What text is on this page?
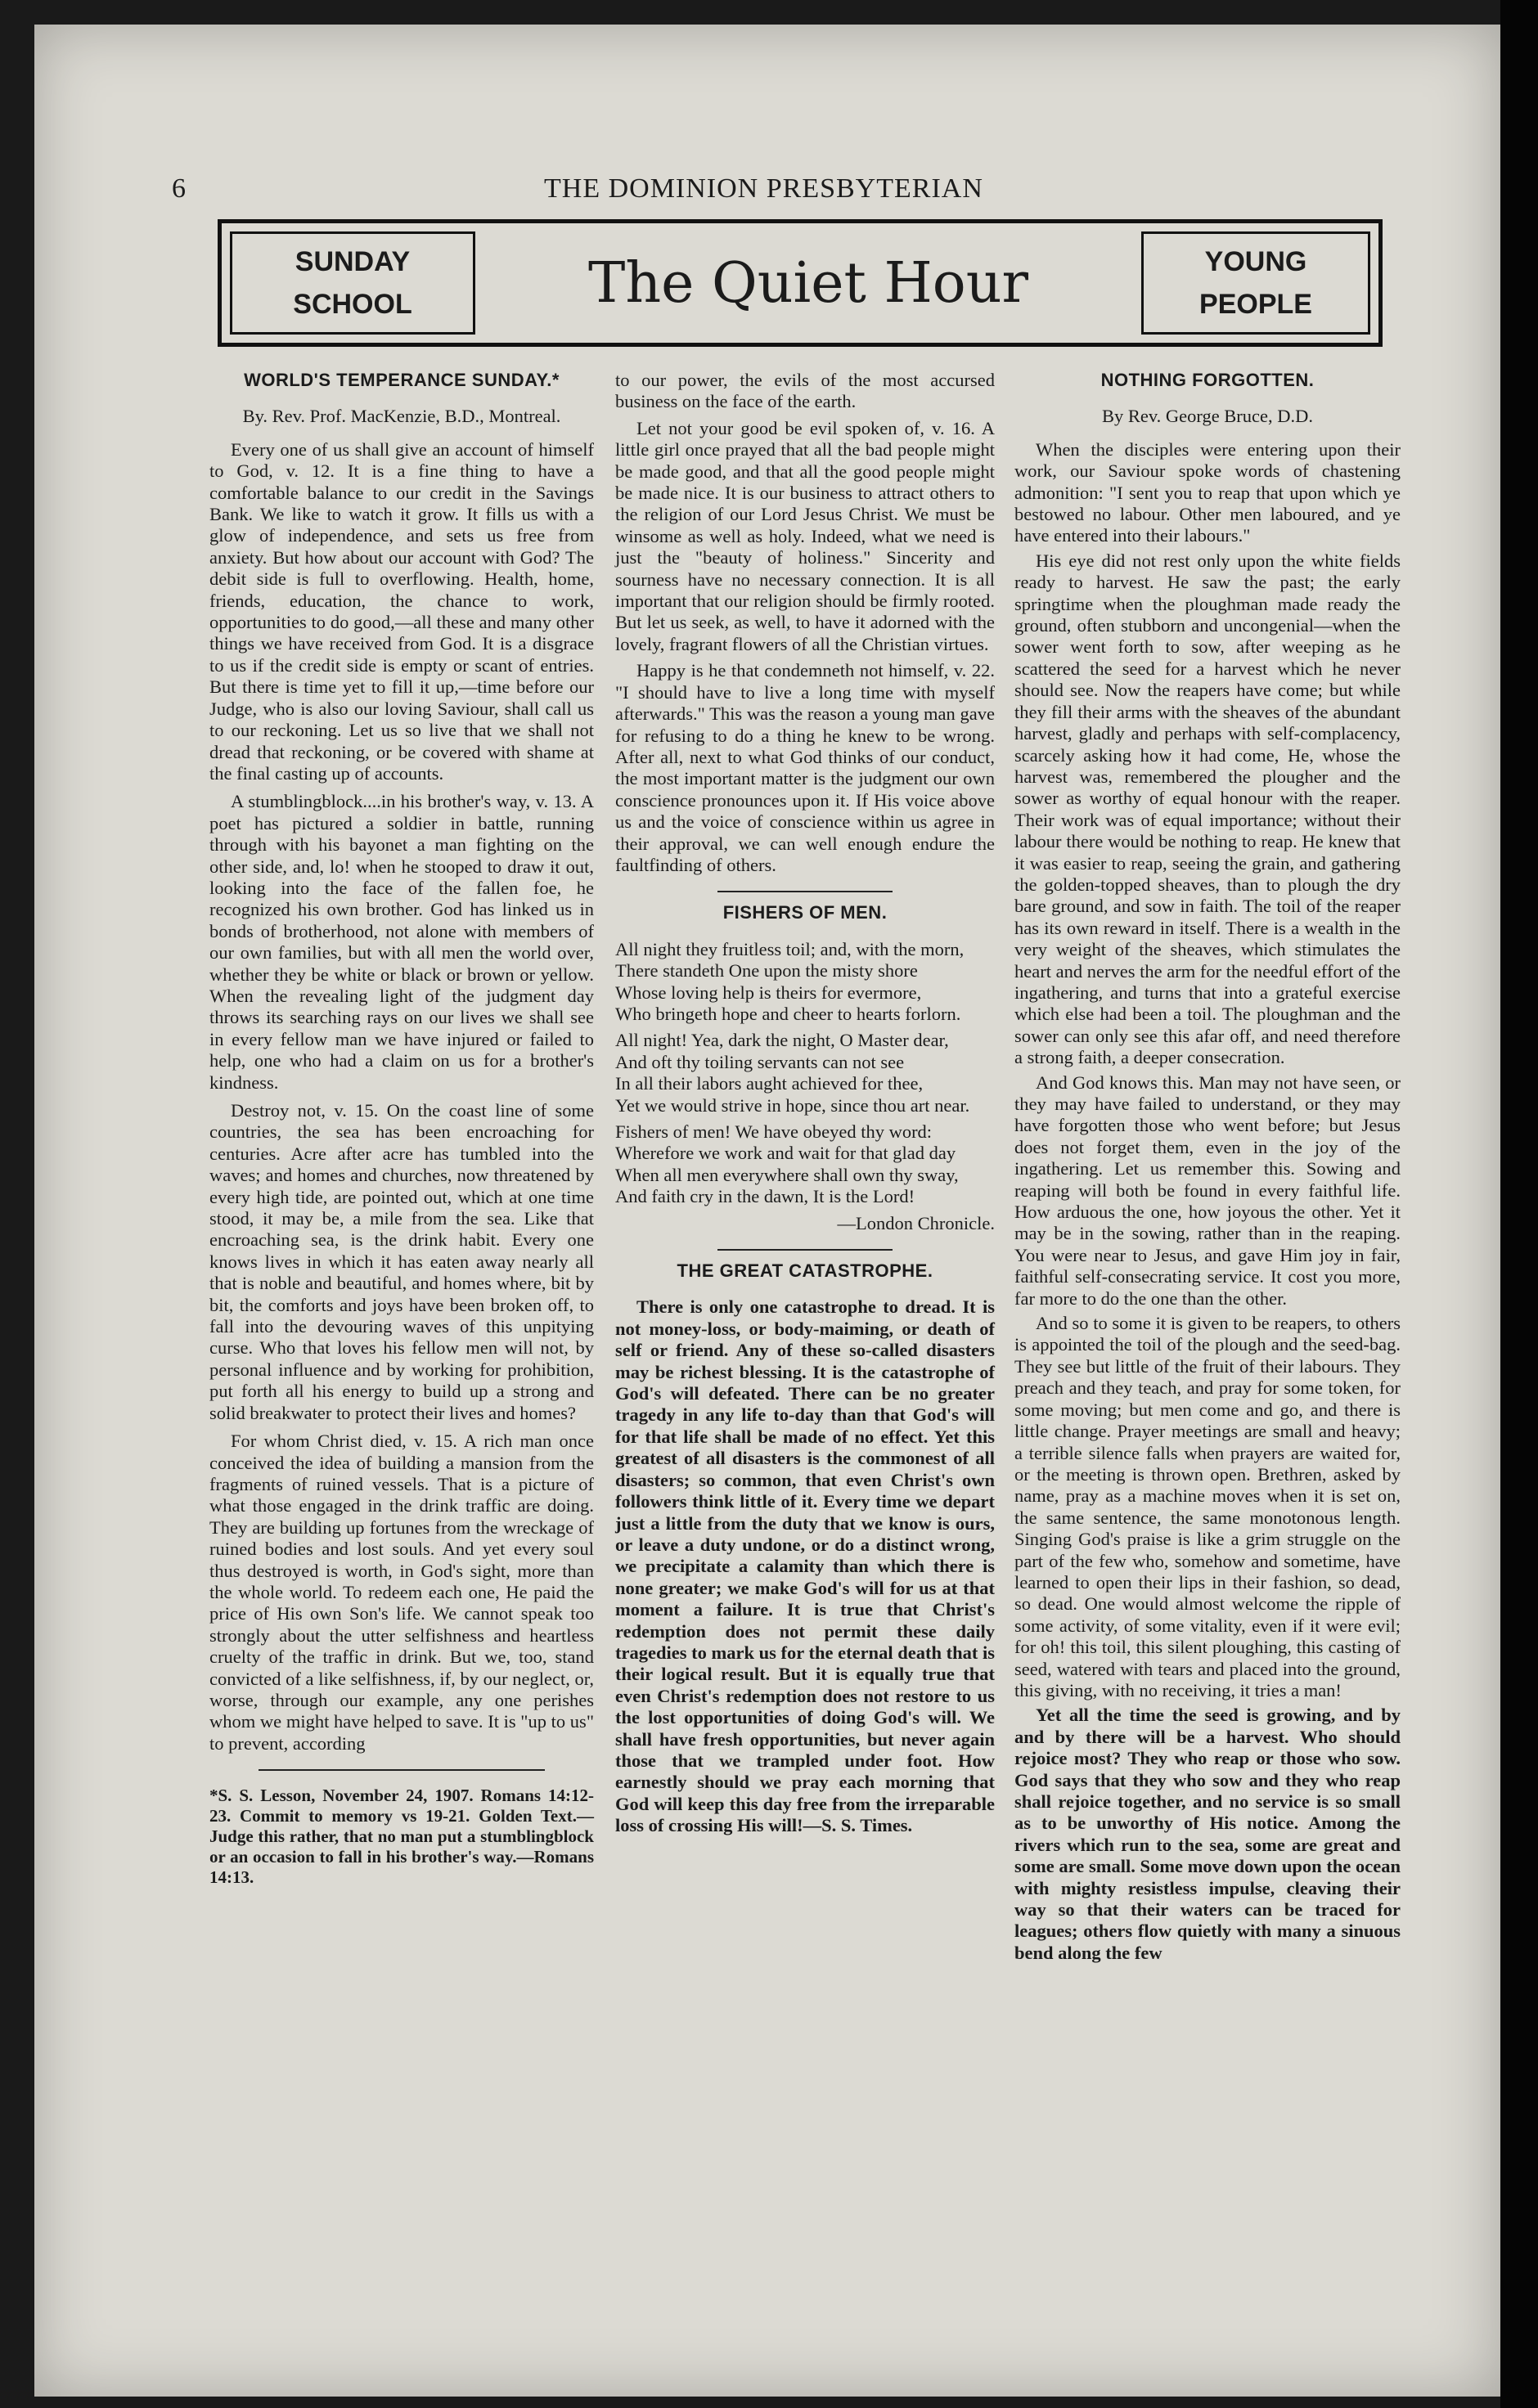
6	THE DOMINION PRESBYTERIAN
SUNDAY
SCHOOL	The Quiet Hour	YOUNG
PEOPLE
WORLD'S TEMPERANCE SUNDAY.*

By. Rev. Prof. MacKenzie, B.D., Montreal.

Every one of us shall give an account of himself to God, v. 12. It is a fine thing to have a comfortable balance to our credit in the Savings Bank. We like to watch it grow. It fills us with a glow of independence, and sets us free from anxiety. But how about our account with God? The debit side is full to overflowing. Health, home, friends, education, the chance to work, opportunities to do good,—all these and many other things we have received from God. It is a disgrace to us if the credit side is empty or scant of entries. But there is time yet to fill it up,—time before our Judge, who is also our loving Saviour, shall call us to our reckoning. Let us so live that we shall not dread that reckoning, or be covered with shame at the final casting up of accounts.

A stumblingblock....in his brother's way, v. 13. A poet has pictured a soldier in battle, running through with his bayonet a man fighting on the other side, and, lo! when he stooped to draw it out, looking into the face of the fallen foe, he recognized his own brother. God has linked us in bonds of brotherhood, not alone with members of our own families, but with all men the world over, whether they be white or black or brown or yellow. When the revealing light of the judgment day throws its searching rays on our lives we shall see in every fellow man we have injured or failed to help, one who had a claim on us for a brother's kindness.

Destroy not, v. 15. On the coast line of some countries, the sea has been encroaching for centuries. Acre after acre has tumbled into the waves; and homes and churches, now threatened by every high tide, are pointed out, which at one time stood, it may be, a mile from the sea. Like that encroaching sea, is the drink habit. Every one knows lives in which it has eaten away nearly all that is noble and beautiful, and homes where, bit by bit, the comforts and joys have been broken off, to fall into the devouring waves of this unpitying curse. Who that loves his fellow men will not, by personal influence and by working for prohibition, put forth all his energy to build up a strong and solid breakwater to protect their lives and homes?

For whom Christ died, v. 15. A rich man once conceived the idea of building a mansion from the fragments of ruined vessels. That is a picture of what those engaged in the drink traffic are doing. They are building up fortunes from the wreckage of ruined bodies and lost souls. And yet every soul thus destroyed is worth, in God's sight, more than the whole world. To redeem each one, He paid the price of His own Son's life. We cannot speak too strongly about the utter selfishness and heartless cruelty of the traffic in drink. But we, too, stand convicted of a like selfishness, if, by our neglect, or, worse, through our example, any one perishes whom we might have helped to save. It is "up to us" to prevent, according

*S. S. Lesson, November 24, 1907. Romans 14:12-23. Commit to memory vs 19-21. Golden Text.—Judge this rather, that no man put a stumblingblock or an occasion to fall in his brother's way.—Romans 14:13.

to our power, the evils of the most accursed business on the face of the earth.

Let not your good be evil spoken of, v. 16. A little girl once prayed that all the bad people might be made good, and that all the good people might be made nice. It is our business to attract others to the religion of our Lord Jesus Christ. We must be winsome as well as holy. Indeed, what we need is just the "beauty of holiness." Sincerity and sourness have no necessary connection. It is all important that our religion should be firmly rooted. But let us seek, as well, to have it adorned with the lovely, fragrant flowers of all the Christian virtues.

Happy is he that condemneth not himself, v. 22. "I should have to live a long time with myself afterwards." This was the reason a young man gave for refusing to do a thing he knew to be wrong. After all, next to what God thinks of our conduct, the most important matter is the judgment our own conscience pronounces upon it. If His voice above us and the voice of conscience within us agree in their approval, we can well enough endure the faultfinding of others.

FISHERS OF MEN.
All night they fruitless toil; and, with the morn,
There standeth One upon the misty shore
Whose loving help is theirs for evermore,
Who bringeth hope and cheer to hearts forlorn.
All night! Yea, dark the night, O Master dear,
And oft thy toiling servants can not see
In all their labors aught achieved for thee,
Yet we would strive in hope, since thou art near.
Fishers of men! We have obeyed thy word:
Wherefore we work and wait for that glad day
When all men everywhere shall own thy sway,
And faith cry in the dawn, It is the Lord!

—London Chronicle.

THE GREAT CATASTROPHE.

There is only one catastrophe to dread. It is not money-loss, or body-maiming, or death of self or friend. Any of these so-called disasters may be richest blessing. It is the catastrophe of God's will defeated. There can be no greater tragedy in any life to-day than that God's will for that life shall be made of no effect. Yet this greatest of all disasters is the commonest of all disasters; so common, that even Christ's own followers think little of it. Every time we depart just a little from the duty that we know is ours, or leave a duty undone, or do a distinct wrong, we precipitate a calamity than which there is none greater; we make God's will for us at that moment a failure. It is true that Christ's redemption does not permit these daily tragedies to mark us for the eternal death that is their logical result. But it is equally true that even Christ's redemption does not restore to us the lost opportunities of doing God's will. We shall have fresh opportunities, but never again those that we trampled under foot. How earnestly should we pray each morning that God will keep this day free from the irreparable loss of crossing His will!—S. S. Times.

NOTHING FORGOTTEN.

By Rev. George Bruce, D.D.

When the disciples were entering upon their work, our Saviour spoke words of chastening admonition: "I sent you to reap that upon which ye bestowed no labour. Other men laboured, and ye have entered into their labours."

His eye did not rest only upon the white fields ready to harvest. He saw the past; the early springtime when the ploughman made ready the ground, often stubborn and uncongenial—when the sower went forth to sow, after weeping as he scattered the seed for a harvest which he never should see. Now the reapers have come; but while they fill their arms with the sheaves of the abundant harvest, gladly and perhaps with self-complacency, scarcely asking how it had come, He, whose the harvest was, remembered the plougher and the sower as worthy of equal honour with the reaper. Their work was of equal importance; without their labour there would be nothing to reap. He knew that it was easier to reap, seeing the grain, and gathering the golden-topped sheaves, than to plough the dry bare ground, and sow in faith. The toil of the reaper has its own reward in itself. There is a wealth in the very weight of the sheaves, which stimulates the heart and nerves the arm for the needful effort of the ingathering, and turns that into a grateful exercise which else had been a toil. The ploughman and the sower can only see this afar off, and need therefore a strong faith, a deeper consecration.

And God knows this. Man may not have seen, or they may have failed to understand, or they may have forgotten those who went before; but Jesus does not forget them, even in the joy of the ingathering. Let us remember this. Sowing and reaping will both be found in every faithful life. How arduous the one, how joyous the other. Yet it may be in the sowing, rather than in the reaping. You were near to Jesus, and gave Him joy in fair, faithful self-consecrating service. It cost you more, far more to do the one than the other.

And so to some it is given to be reapers, to others is appointed the toil of the plough and the seed-bag. They see but little of the fruit of their labours. They preach and they teach, and pray for some token, for some moving; but men come and go, and there is little change. Prayer meetings are small and heavy; a terrible silence falls when prayers are waited for, or the meeting is thrown open. Brethren, asked by name, pray as a machine moves when it is set on, the same sentence, the same monotonous length. Singing God's praise is like a grim struggle on the part of the few who, somehow and sometime, have learned to open their lips in their fashion, so dead, so dead. One would almost welcome the ripple of some activity, of some vitality, even if it were evil; for oh! this toil, this silent ploughing, this casting of seed, watered with tears and placed into the ground, this giving, with no receiving, it tries a man!

Yet all the time the seed is growing, and by and by there will be a harvest. Who should rejoice most? They who reap or those who sow. God says that they who sow and they who reap shall rejoice together, and no service is so small as to be unworthy of His notice. Among the rivers which run to the sea, some are great and some are small. Some move down upon the ocean with mighty resistless impulse, cleaving their way so that their waters can be traced for leagues; others flow quietly with many a sinuous bend along the few
